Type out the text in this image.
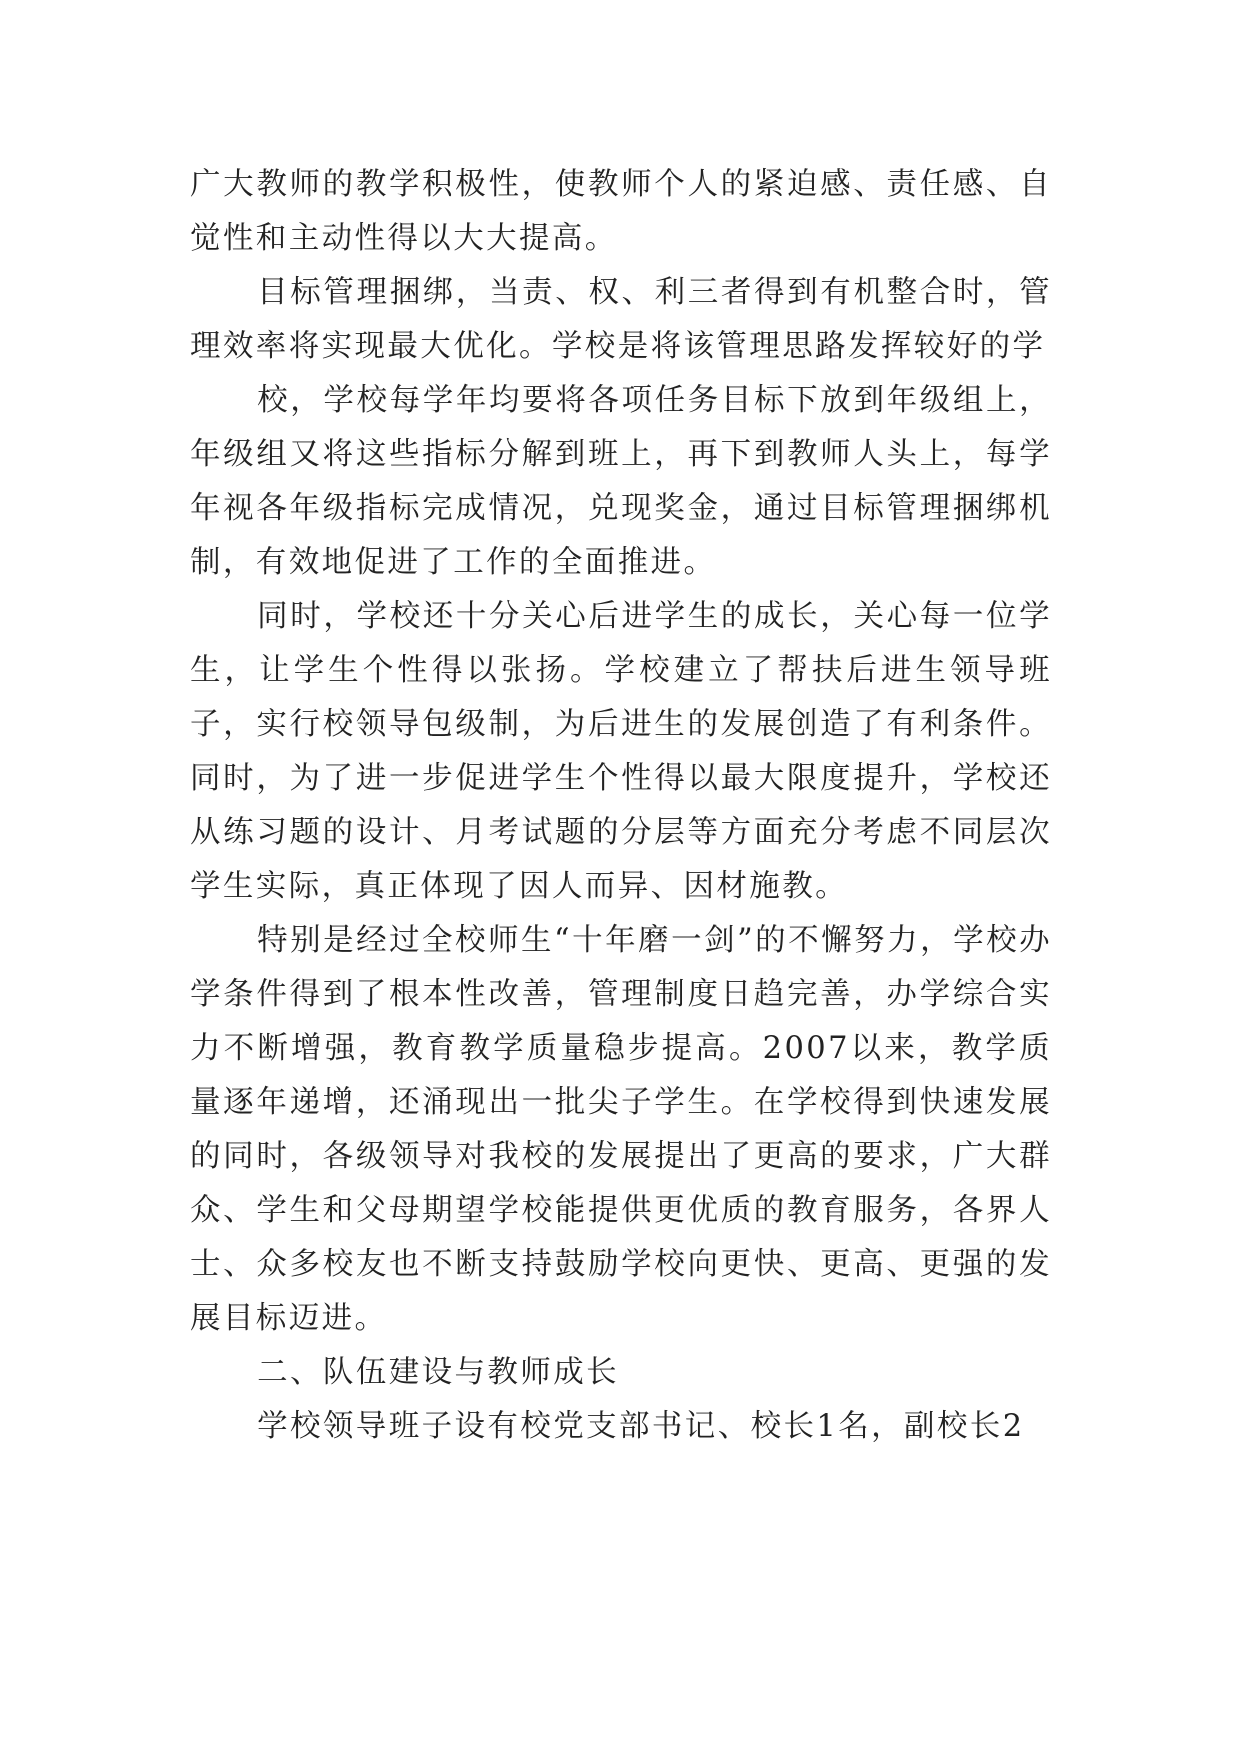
广大教师的教学积极性，使教师个人的紧迫感、责任感、自觉性和主动性得以大大提高。

目标管理捆绑，当责、权、利三者得到有机整合时，管理效率将实现最大优化。学校是将该管理思路发挥较好的学

校，学校每学年均要将各项任务目标下放到年级组上，年级组又将这些指标分解到班上，再下到教师人头上，每学年视各年级指标完成情况，兑现奖金，通过目标管理捆绑机制，有效地促进了工作的全面推进。

同时，学校还十分关心后进学生的成长，关心每一位学生，让学生个性得以张扬。学校建立了帮扶后进生领导班子，实行校领导包级制，为后进生的发展创造了有利条件。同时，为了进一步促进学生个性得以最大限度提升，学校还从练习题的设计、月考试题的分层等方面充分考虑不同层次学生实际，真正体现了因人而异、因材施教。

特别是经过全校师生“十年磨一剑”的不懈努力，学校办学条件得到了根本性改善，管理制度日趋完善，办学综合实力不断增强，教育教学质量稳步提高。2007以来，教学质量逐年递增，还涌现出一批尖子学生。在学校得到快速发展的同时，各级领导对我校的发展提出了更高的要求，广大群众、学生和父母期望学校能提供更优质的教育服务，各界人士、众多校友也不断支持鼓励学校向更快、更高、更强的发展目标迈进。

二、队伍建设与教师成长

学校领导班子设有校党支部书记、校长1名，副校长2
